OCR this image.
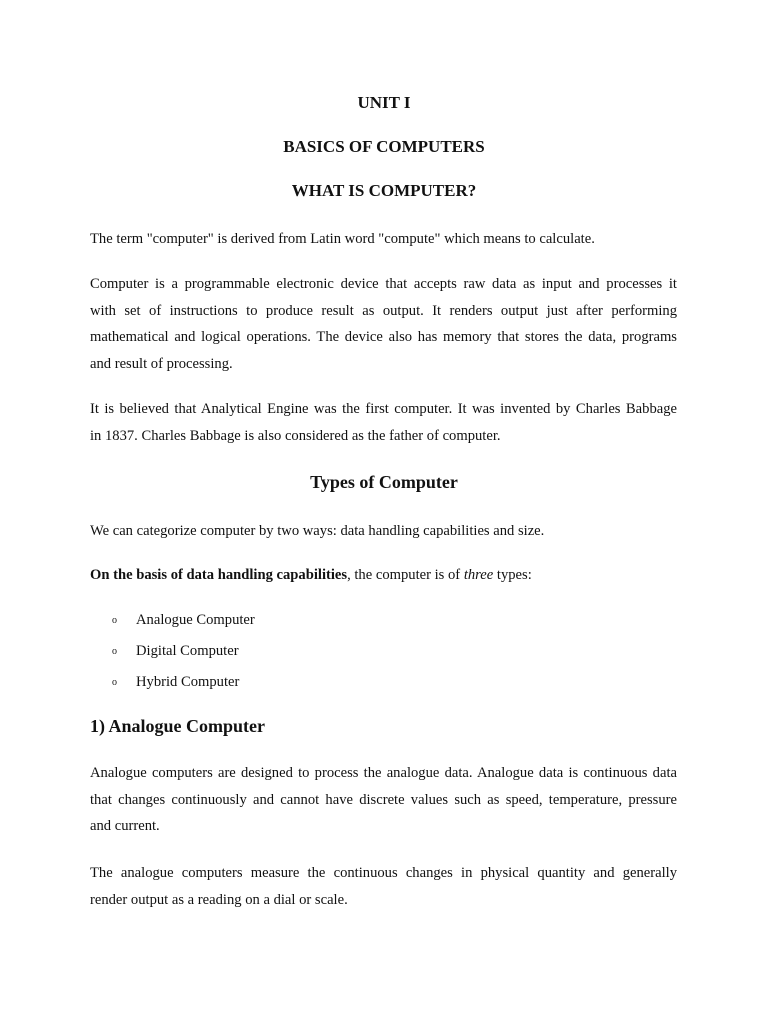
UNIT I
BASICS OF COMPUTERS
WHAT IS COMPUTER?

The term "computer" is derived from Latin word "compute" which means to calculate.

Computer is a programmable electronic device that accepts raw data as input and processes it
with set of instructions to produce result as output. It renders output just after performing
mathematical and logical operations. The device also has memory that stores the data, programs
and result of processing.

It is believed that Analytical Engine was the first computer. It was invented by Charles Babbage
in 1837. Charles Babbage is also considered as the father of computer.

Types of Computer

We can categorize computer by two ways: data handling capabilities and size.

On the basis of data handling capabilities, the computer is of three types:

o Analogue Computer
o Digital Computer
o Hybrid Computer
1) Analogue Computer

Analogue computers are designed to process the analogue data. Analogue data is continuous data
that changes continuously and cannot have discrete values such as speed, temperature, pressure
and current.

The analogue computers measure the continuous changes in physical quantity and generally
render output as a reading on a dial or scale.
